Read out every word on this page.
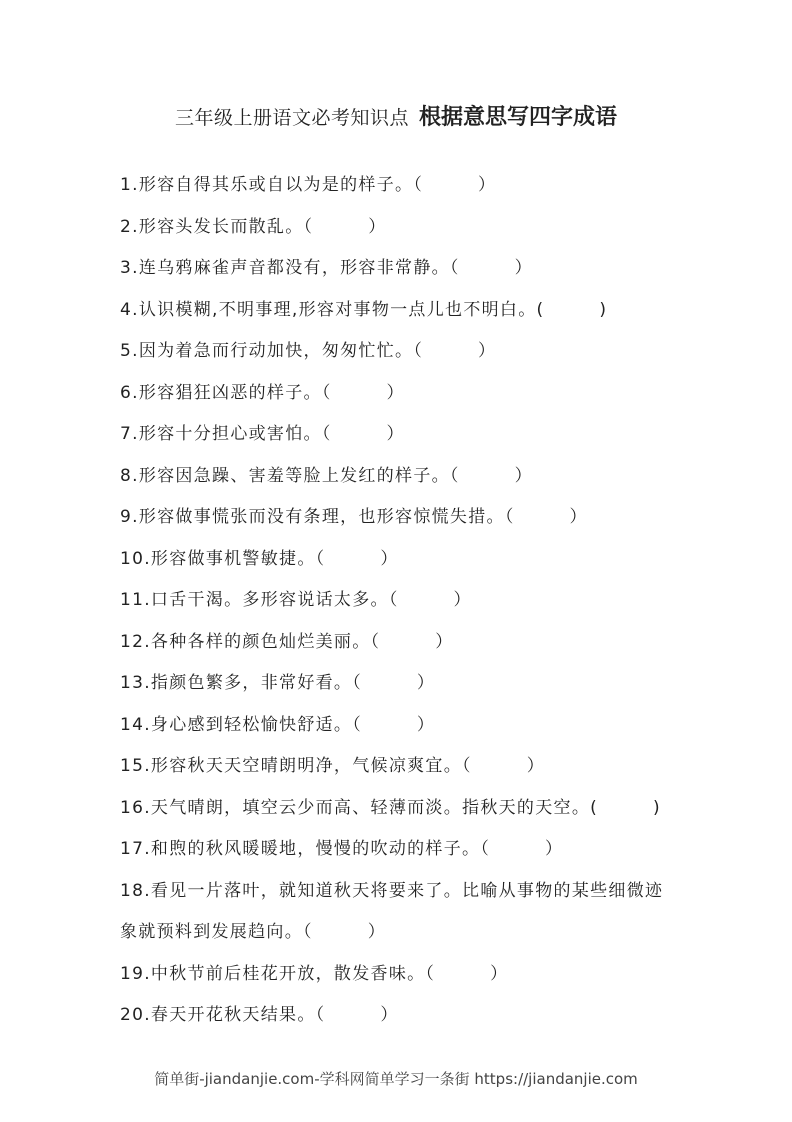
三年级上册语文必考知识点 根据意思写四字成语
1.形容自得其乐或自以为是的样子。（　　　）
2.形容头发长而散乱。（　　　）
3.连乌鸦麻雀声音都没有，形容非常静。（　　　）
4.认识模糊,不明事理,形容对事物一点儿也不明白。(　　　)
5.因为着急而行动加快，匆匆忙忙。（　　　）
6.形容猖狂凶恶的样子。（　　　）
7.形容十分担心或害怕。（　　　）
8.形容因急躁、害羞等脸上发红的样子。（　　　）
9.形容做事慌张而没有条理，也形容惊慌失措。（　　　）
10.形容做事机警敏捷。（　　　）
11.口舌干渴。多形容说话太多。（　　　）
12.各种各样的颜色灿烂美丽。（　　　）
13.指颜色繁多，非常好看。（　　　）
14.身心感到轻松愉快舒适。（　　　）
15.形容秋天天空晴朗明净，气候凉爽宜。（　　　）
16.天气晴朗，填空云少而高、轻薄而淡。指秋天的天空。(　　　)
17.和煦的秋风暖暖地，慢慢的吹动的样子。（　　　）
18.看见一片落叶，就知道秋天将要来了。比喻从事物的某些细微迹象就预料到发展趋向。（　　　）
19.中秋节前后桂花开放，散发香味。（　　　）
20.春天开花秋天结果。（　　　）
简单街-jiandanjie.com-学科网简单学习一条街 https://jiandanjie.com
